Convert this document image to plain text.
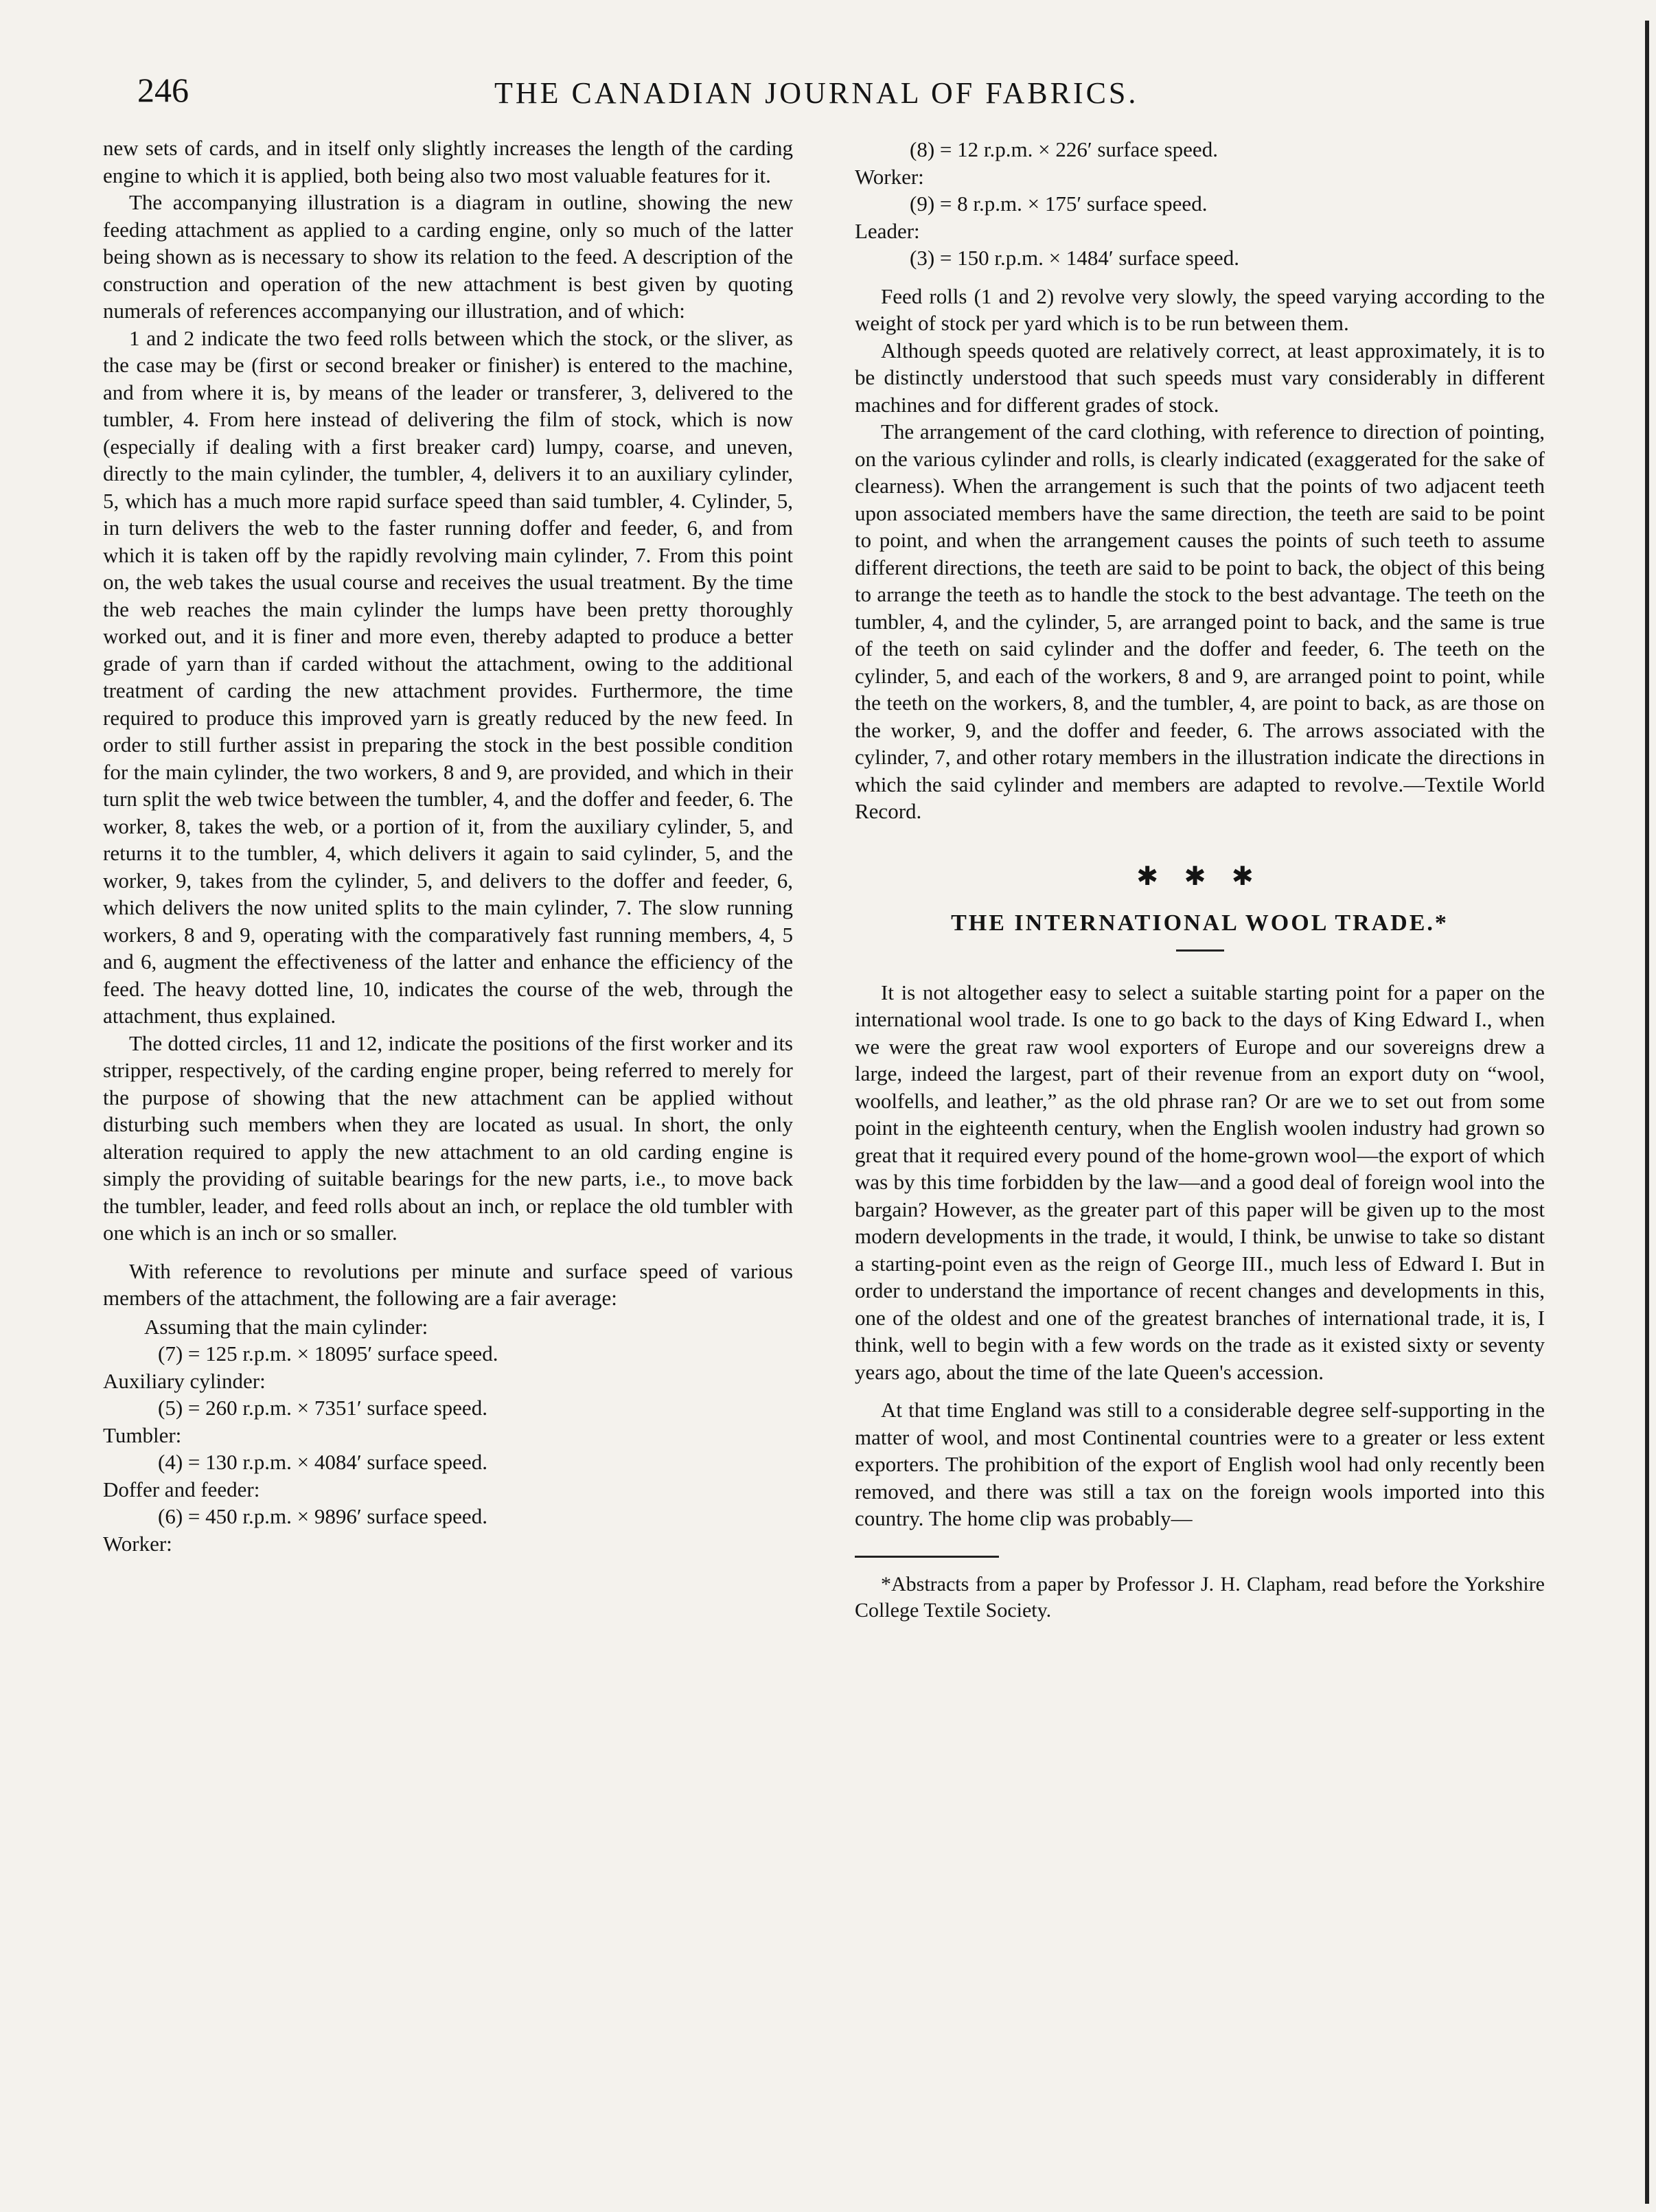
246	THE CANADIAN JOURNAL OF FABRICS.

new sets of cards, and in itself only slightly increases the length of the carding engine to which it is applied, both being also two most valuable features for it.

The accompanying illustration is a diagram in outline, showing the new feeding attachment as applied to a carding engine, only so much of the latter being shown as is necessary to show its relation to the feed. A description of the construction and operation of the new attachment is best given by quoting numerals of references accompanying our illustration, and of which:

1 and 2 indicate the two feed rolls between which the stock, or the sliver, as the case may be (first or second breaker or finisher) is entered to the machine, and from where it is, by means of the leader or transferer, 3, delivered to the tumbler, 4. From here instead of delivering the film of stock, which is now (especially if dealing with a first breaker card) lumpy, coarse, and uneven, directly to the main cylinder, the tumbler, 4, delivers it to an auxiliary cylinder, 5, which has a much more rapid surface speed than said tumbler, 4. Cylinder, 5, in turn delivers the web to the faster running doffer and feeder, 6, and from which it is taken off by the rapidly revolving main cylinder, 7. From this point on, the web takes the usual course and receives the usual treatment. By the time the web reaches the main cylinder the lumps have been pretty thoroughly worked out, and it is finer and more even, thereby adapted to produce a better grade of yarn than if carded without the attachment, owing to the additional treatment of carding the new attachment provides. Furthermore, the time required to produce this improved yarn is greatly reduced by the new feed. In order to still further assist in preparing the stock in the best possible condition for the main cylinder, the two workers, 8 and 9, are provided, and which in their turn split the web twice between the tumbler, 4, and the doffer and feeder, 6. The worker, 8, takes the web, or a portion of it, from the auxiliary cylinder, 5, and returns it to the tumbler, 4, which delivers it again to said cylinder, 5, and the worker, 9, takes from the cylinder, 5, and delivers to the doffer and feeder, 6, which delivers the now united splits to the main cylinder, 7. The slow running workers, 8 and 9, operating with the comparatively fast running members, 4, 5 and 6, augment the effectiveness of the latter and enhance the efficiency of the feed. The heavy dotted line, 10, indicates the course of the web, through the attachment, thus explained.

The dotted circles, 11 and 12, indicate the positions of the first worker and its stripper, respectively, of the carding engine proper, being referred to merely for the purpose of showing that the new attachment can be applied without disturbing such members when they are located as usual. In short, the only alteration required to apply the new attachment to an old carding engine is simply the providing of suitable bearings for the new parts, i.e., to move back the tumbler, leader, and feed rolls about an inch, or replace the old tumbler with one which is an inch or so smaller.

With reference to revolutions per minute and surface speed of various members of the attachment, the following are a fair average:

Assuming that the main cylinder:
(7) = 125 r.p.m. × 18095′ surface speed.
Auxiliary cylinder:
(5) = 260 r.p.m. × 7351′ surface speed.
Tumbler:
(4) = 130 r.p.m. × 4084′ surface speed.
Doffer and feeder:
(6) = 450 r.p.m. × 9896′ surface speed.
Worker:
(8) = 12 r.p.m. × 226′ surface speed.
Worker:
(9) = 8 r.p.m. × 175′ surface speed.
Leader:
(3) = 150 r.p.m. × 1484′ surface speed.

Feed rolls (1 and 2) revolve very slowly, the speed varying according to the weight of stock per yard which is to be run between them.

Although speeds quoted are relatively correct, at least approximately, it is to be distinctly understood that such speeds must vary considerably in different machines and for different grades of stock.

The arrangement of the card clothing, with reference to direction of pointing, on the various cylinder and rolls, is clearly indicated (exaggerated for the sake of clearness). When the arrangement is such that the points of two adjacent teeth upon associated members have the same direction, the teeth are said to be point to point, and when the arrangement causes the points of such teeth to assume different directions, the teeth are said to be point to back, the object of this being to arrange the teeth as to handle the stock to the best advantage. The teeth on the tumbler, 4, and the cylinder, 5, are arranged point to back, and the same is true of the teeth on said cylinder and the doffer and feeder, 6. The teeth on the cylinder, 5, and each of the workers, 8 and 9, are arranged point to point, while the teeth on the workers, 8, and the tumbler, 4, are point to back, as are those on the worker, 9, and the doffer and feeder, 6. The arrows associated with the cylinder, 7, and other rotary members in the illustration indicate the directions in which the said cylinder and members are adapted to revolve.—Textile World Record.

✱ ✱ ✱
THE INTERNATIONAL WOOL TRADE.*

It is not altogether easy to select a suitable starting point for a paper on the international wool trade. Is one to go back to the days of King Edward I., when we were the great raw wool exporters of Europe and our sovereigns drew a large, indeed the largest, part of their revenue from an export duty on “wool, woolfells, and leather,” as the old phrase ran? Or are we to set out from some point in the eighteenth century, when the English woolen industry had grown so great that it required every pound of the home-grown wool—the export of which was by this time forbidden by the law—and a good deal of foreign wool into the bargain? However, as the greater part of this paper will be given up to the most modern developments in the trade, it would, I think, be unwise to take so distant a starting-point even as the reign of George III., much less of Edward I. But in order to understand the importance of recent changes and developments in this, one of the oldest and one of the greatest branches of international trade, it is, I think, well to begin with a few words on the trade as it existed sixty or seventy years ago, about the time of the late Queen's accession.

At that time England was still to a considerable degree self-supporting in the matter of wool, and most Continental countries were to a greater or less extent exporters. The prohibition of the export of English wool had only recently been removed, and there was still a tax on the foreign wools imported into this country. The home clip was probably—

*Abstracts from a paper by Professor J. H. Clapham, read before the Yorkshire College Textile Society.
